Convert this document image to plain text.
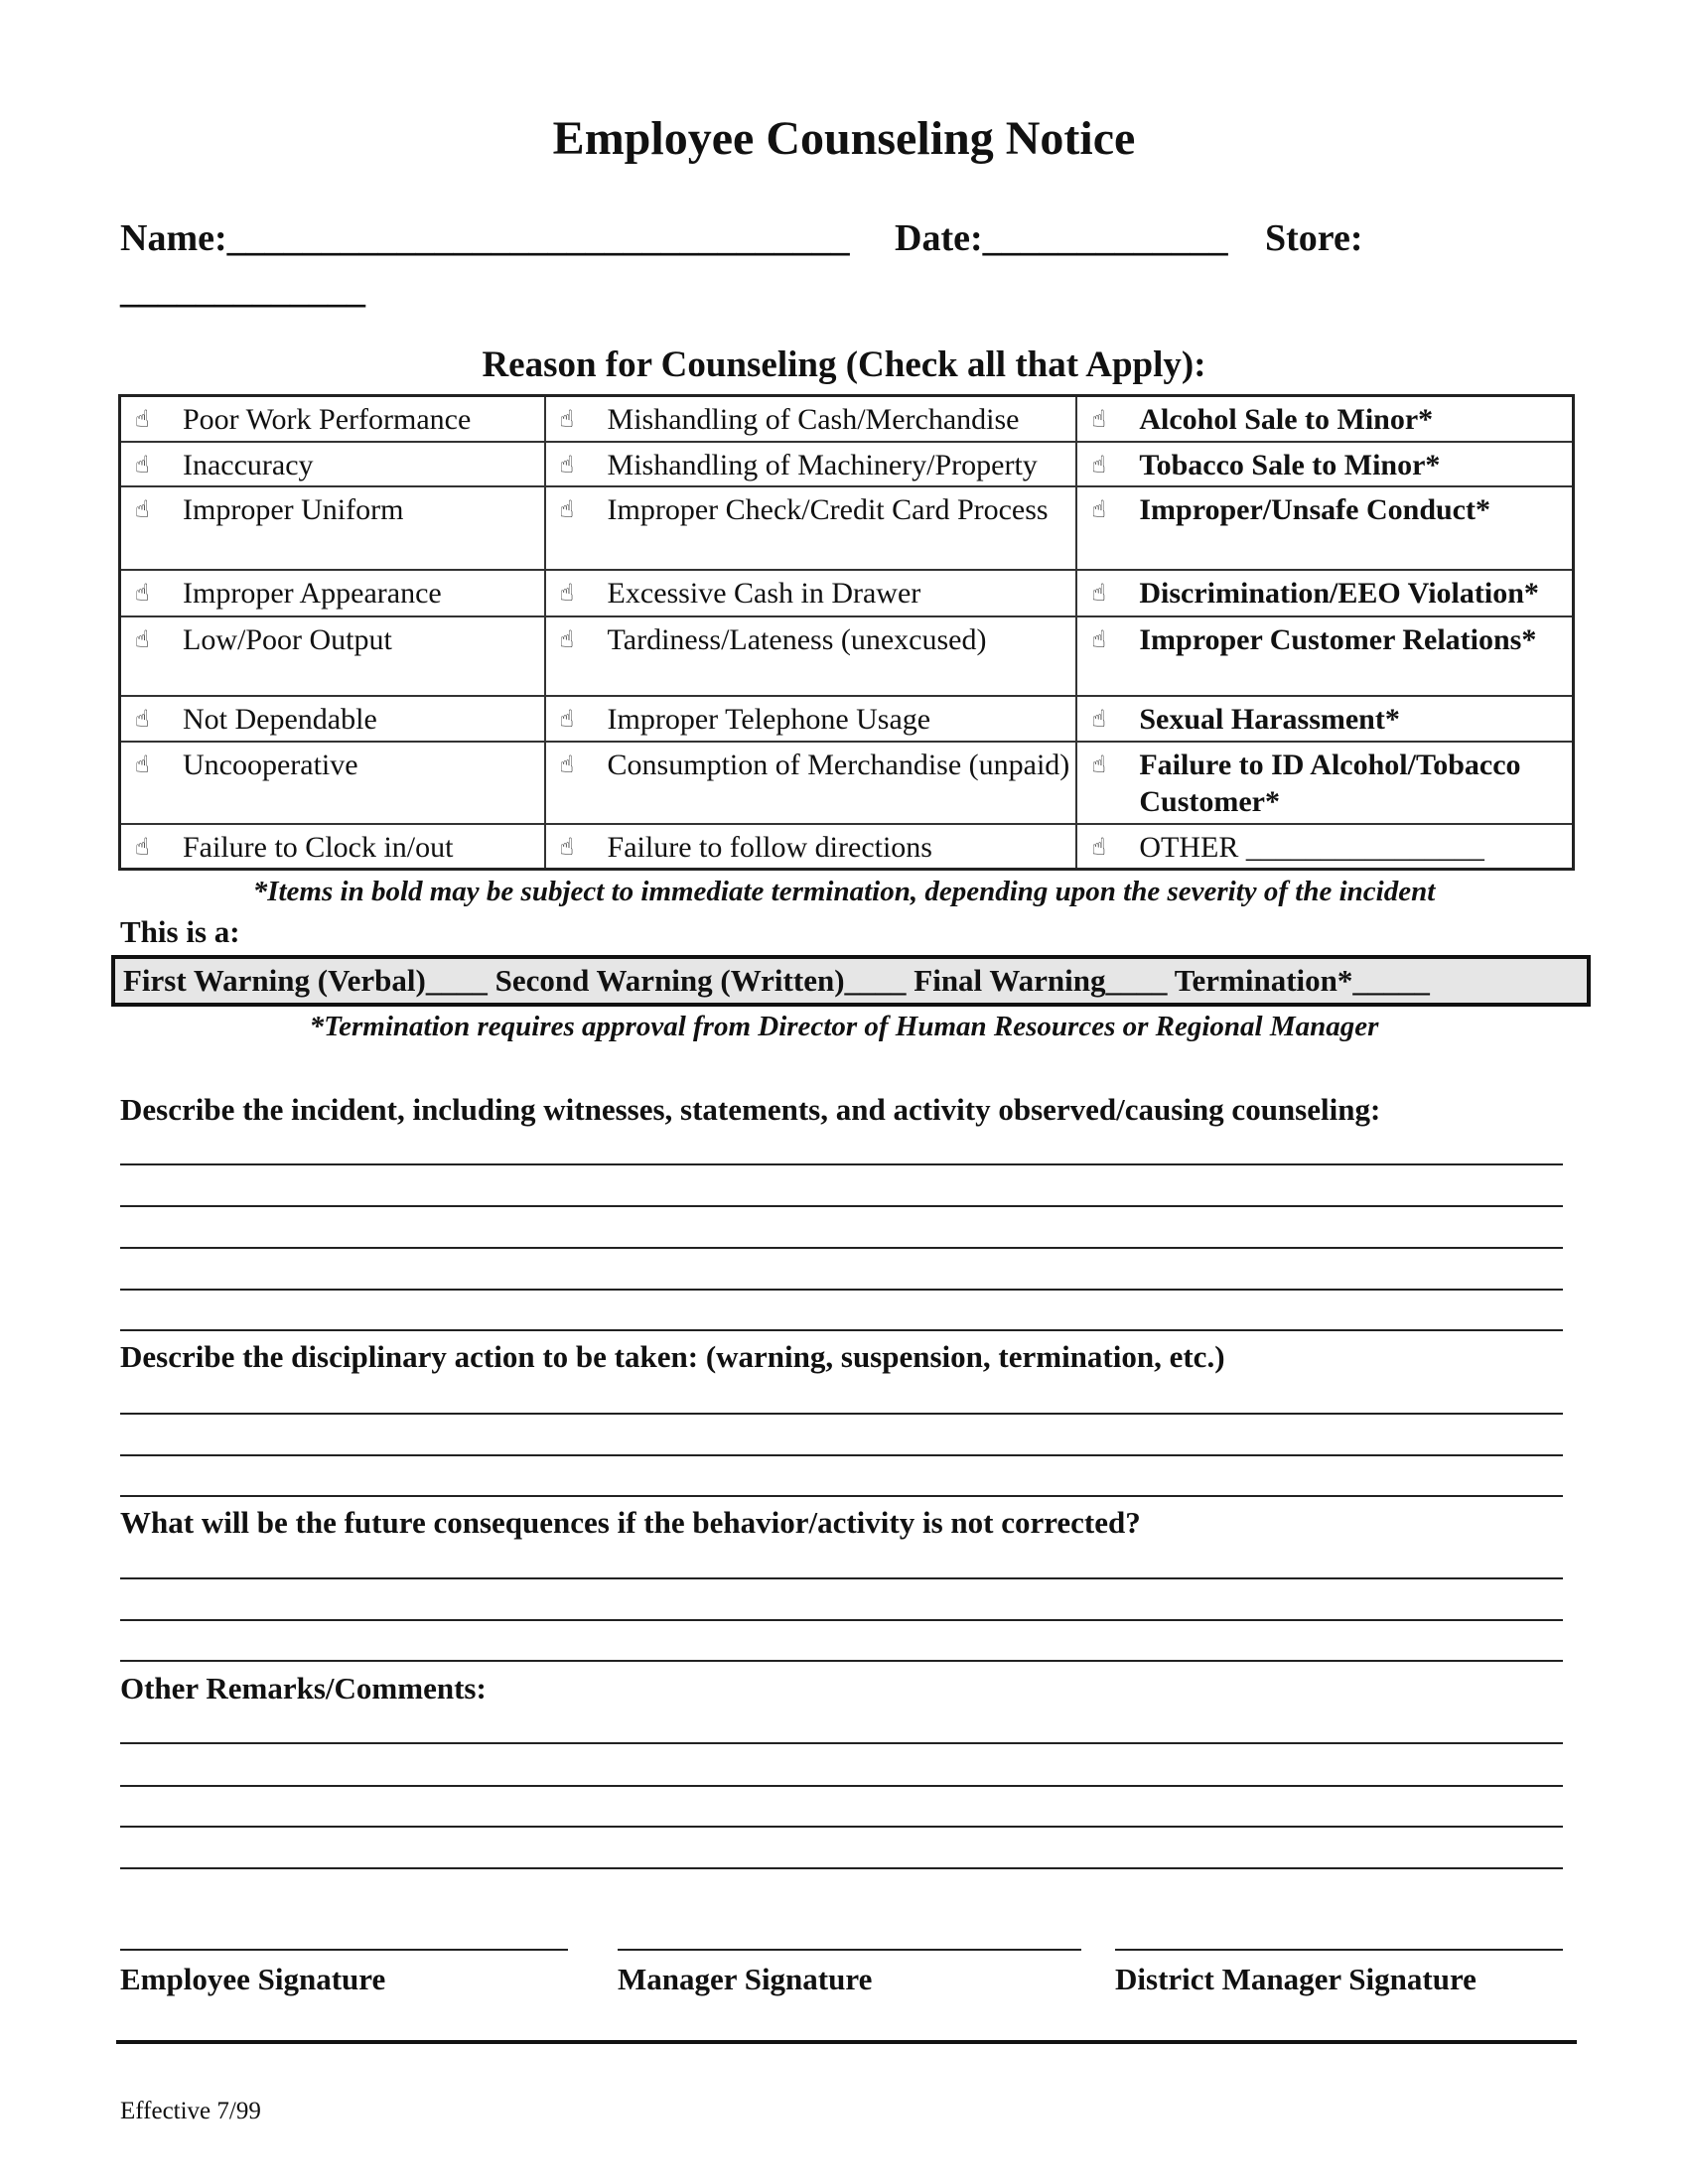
Employee Counseling Notice
Name:_________________________________ Date:_____________ Store:
_____________
Reason for Counseling (Check all that Apply):
☝ Poor Work Performance	☝ Mishandling of Cash/Merchandise	☝ Alcohol Sale to Minor*

☝ Inaccuracy	☝ Mishandling of Machinery/Property	☝ Tobacco Sale to Minor*

☝ Improper Uniform	☝ Improper Check/Credit Card Process	☝ Improper/Unsafe Conduct*

☝ Improper Appearance	☝ Excessive Cash in Drawer	☝ Discrimination/EEO Violation*

☝ Low/Poor Output	☝ Tardiness/Lateness (unexcused)	☝ Improper Customer Relations*

☝ Not Dependable	☝ Improper Telephone Usage	☝ Sexual Harassment*

☝ Uncooperative	☝ Consumption of Merchandise (unpaid)	☝ Failure to ID Alcohol/Tobacco Customer*

☝ Failure to Clock in/out	☝ Failure to follow directions	☝ OTHER ________________
*Items in bold may be subject to immediate termination, depending upon the severity of the incident
This is a:
First Warning (Verbal)____ Second Warning (Written)____ Final Warning____ Termination*_____
*Termination requires approval from Director of Human Resources or Regional Manager
Describe the incident, including witnesses, statements, and activity observed/causing counseling:
Describe the disciplinary action to be taken: (warning, suspension, termination, etc.)
What will be the future consequences if the behavior/activity is not corrected?
Other Remarks/Comments:
Employee Signature	Manager Signature	District Manager Signature
Effective 7/99
